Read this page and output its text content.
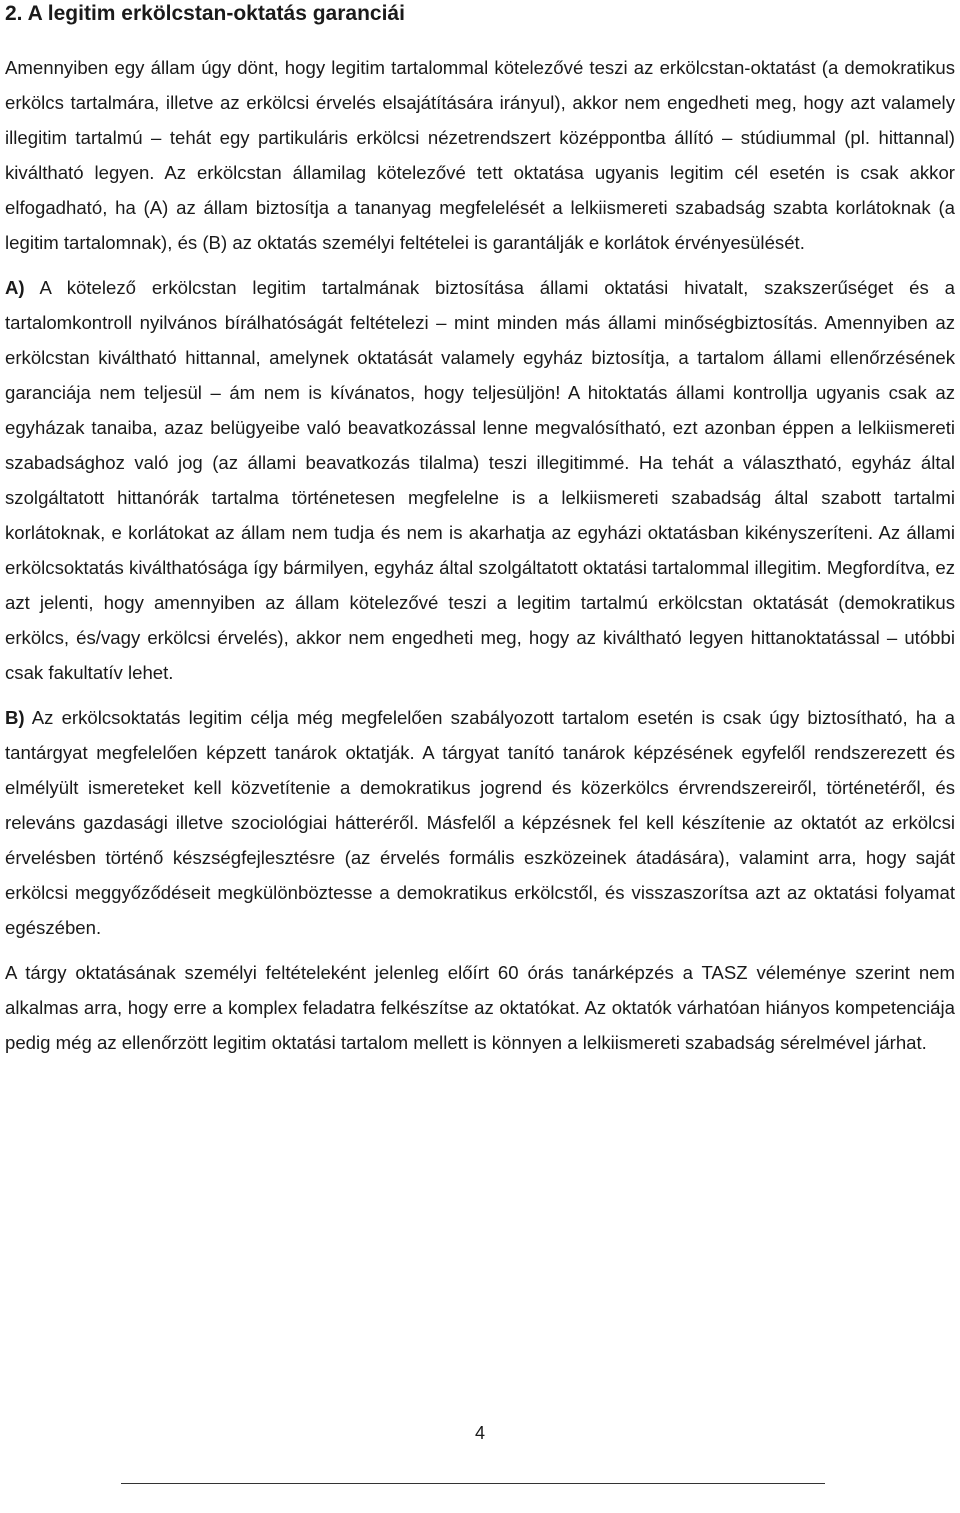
2. A legitim erkölcstan-oktatás garanciái

Amennyiben egy állam úgy dönt, hogy legitim tartalommal kötelezővé teszi az erkölcstan-oktatást (a demokratikus erkölcs tartalmára, illetve az erkölcsi érvelés elsajátítására irányul), akkor nem engedheti meg, hogy azt valamely illegitim tartalmú – tehát egy partikuláris erkölcsi nézetrendszert középpontba állító – stúdiummal (pl. hittannal) kiváltható legyen. Az erkölcstan államilag kötelezővé tett oktatása ugyanis legitim cél esetén is csak akkor elfogadható, ha (A) az állam biztosítja a tananyag megfelelését a lelkiismereti szabadság szabta korlátoknak (a legitim tartalomnak), és (B) az oktatás személyi feltételei is garantálják e korlátok érvényesülését.

A) A kötelező erkölcstan legitim tartalmának biztosítása állami oktatási hivatalt, szakszerűséget és a tartalomkontroll nyilvános bírálhatóságát feltételezi – mint minden más állami minőségbiztosítás. Amennyiben az erkölcstan kiváltható hittannal, amelynek oktatását valamely egyház biztosítja, a tartalom állami ellenőrzésének garanciája nem teljesül – ám nem is kívánatos, hogy teljesüljön! A hitoktatás állami kontrollja ugyanis csak az egyházak tanaiba, azaz belügyeibe való beavatkozással lenne megvalósítható, ezt azonban éppen a lelkiismereti szabadsághoz való jog (az állami beavatkozás tilalma) teszi illegitimmé. Ha tehát a választható, egyház által szolgáltatott hittanórák tartalma történetesen megfelelne is a lelkiismereti szabadság által szabott tartalmi korlátoknak, e korlátokat az állam nem tudja és nem is akarhatja az egyházi oktatásban kikényszeríteni. Az állami erkölcsoktatás kiválthatósága így bármilyen, egyház által szolgáltatott oktatási tartalommal illegitim. Megfordítva, ez azt jelenti, hogy amennyiben az állam kötelezővé teszi a legitim tartalmú erkölcstan oktatását (demokratikus erkölcs, és/vagy erkölcsi érvelés), akkor nem engedheti meg, hogy az kiváltható legyen hittanoktatással – utóbbi csak fakultatív lehet.

B) Az erkölcsoktatás legitim célja még megfelelően szabályozott tartalom esetén is csak úgy biztosítható, ha a tantárgyat megfelelően képzett tanárok oktatják. A tárgyat tanító tanárok képzésének egyfelől rendszerezett és elmélyült ismereteket kell közvetítenie a demokratikus jogrend és közerkölcs érvrendszereiről, történetéről, és releváns gazdasági illetve szociológiai hátteréről. Másfelől a képzésnek fel kell készítenie az oktatót az erkölcsi érvelésben történő készségfejlesztésre (az érvelés formális eszközeinek átadására), valamint arra, hogy saját erkölcsi meggyőződéseit megkülönböztesse a demokratikus erkölcstől, és visszaszorítsa azt az oktatási folyamat egészében.

A tárgy oktatásának személyi feltételeként jelenleg előírt 60 órás tanárképzés a TASZ véleménye szerint nem alkalmas arra, hogy erre a komplex feladatra felkészítse az oktatókat. Az oktatók várhatóan hiányos kompetenciája pedig még az ellenőrzött legitim oktatási tartalom mellett is könnyen a lelkiismereti szabadság sérelmével járhat.

4
